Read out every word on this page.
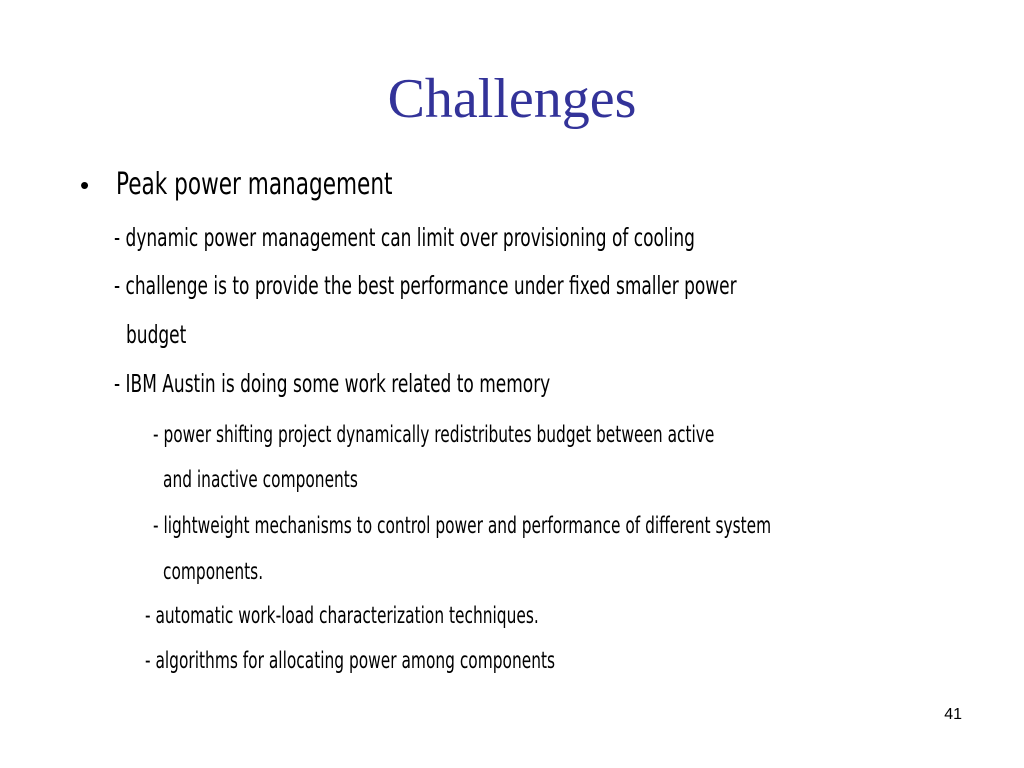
Challenges
• Peak power management

- dynamic power management can limit over provisioning of cooling

- challenge is to provide the best performance under fixed smaller power

budget

- IBM Austin is doing some work related to memory

- power shifting project dynamically redistributes budget between active

and inactive components

- lightweight mechanisms to control power and performance of different system

components.

- automatic work-load characterization techniques.

- algorithms for allocating power among components

41
